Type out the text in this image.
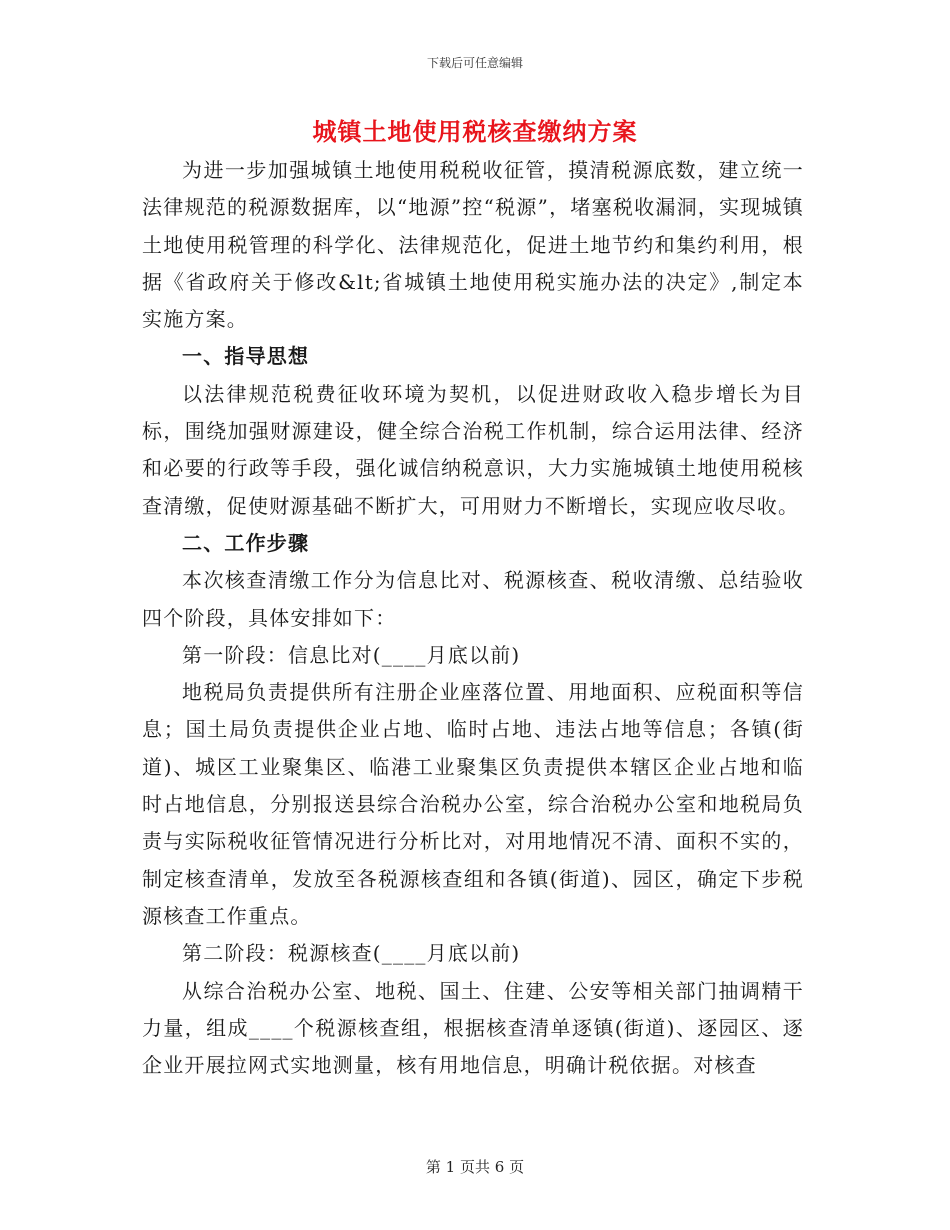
下载后可任意编辑
城镇土地使用税核查缴纳方案

为进一步加强城镇土地使用税税收征管，摸清税源底数，建立统一法律规范的税源数据库，以“地源”控“税源”，堵塞税收漏洞，实现城镇土地使用税管理的科学化、法律规范化，促进土地节约和集约利用，根据《省政府关于修改&lt;省城镇土地使用税实施办法的决定》,制定本实施方案。

一、指导思想

以法律规范税费征收环境为契机，以促进财政收入稳步增长为目标，围绕加强财源建设，健全综合治税工作机制，综合运用法律、经济和必要的行政等手段，强化诚信纳税意识，大力实施城镇土地使用税核查清缴，促使财源基础不断扩大，可用财力不断增长，实现应收尽收。

二、工作步骤

本次核查清缴工作分为信息比对、税源核查、税收清缴、总结验收四个阶段，具体安排如下：

第一阶段：信息比对(____月底以前)

地税局负责提供所有注册企业座落位置、用地面积、应税面积等信息；国土局负责提供企业占地、临时占地、违法占地等信息；各镇(街道)、城区工业聚集区、临港工业聚集区负责提供本辖区企业占地和临时占地信息，分别报送县综合治税办公室，综合治税办公室和地税局负责与实际税收征管情况进行分析比对，对用地情况不清、面积不实的，制定核查清单，发放至各税源核查组和各镇(街道)、园区，确定下步税源核查工作重点。

第二阶段：税源核查(____月底以前)

从综合治税办公室、地税、国土、住建、公安等相关部门抽调精干力量，组成____个税源核查组，根据核查清单逐镇(街道)、逐园区、逐企业开展拉网式实地测量，核有用地信息，明确计税依据。对核查

第 1 页共 6 页
